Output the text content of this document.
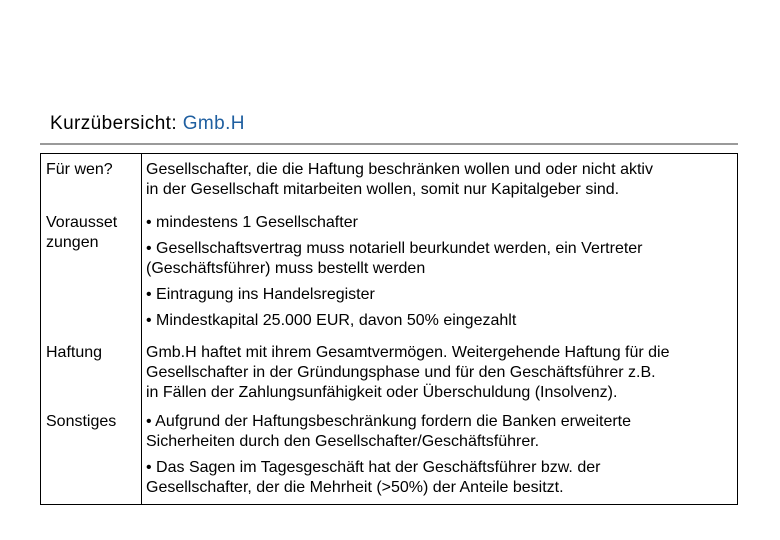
Kurzübersicht: Gmb.H
Für wen? Gesellschafter, die die Haftung beschränken wollen und oder nicht aktiv
in der Gesellschaft mitarbeiten wollen, somit nur Kapitalgeber sind.
Vorausset
zungen
• mindestens 1 Gesellschafter
• Gesellschaftsvertrag muss notariell beurkundet werden, ein Vertreter
(Geschäftsführer) muss bestellt werden
• Eintragung ins Handelsregister
• Mindestkapital 25.000 EUR, davon 50% eingezahlt
Haftung	Gmb.H haftet mit ihrem Gesamtvermögen. Weitergehende Haftung für die
Gesellschafter in der Gründungsphase und für den Geschäftsführer z.B.
in Fällen der Zahlungsunfähigkeit oder Überschuldung (Insolvenz).
Sonstiges • Aufgrund der Haftungsbeschränkung fordern die Banken erweiterte
Sicherheiten durch den Gesellschafter/Geschäftsführer.
• Das Sagen im Tagesgeschäft hat der Geschäftsführer bzw. der
Gesellschafter, der die Mehrheit (>50%) der Anteile besitzt.
